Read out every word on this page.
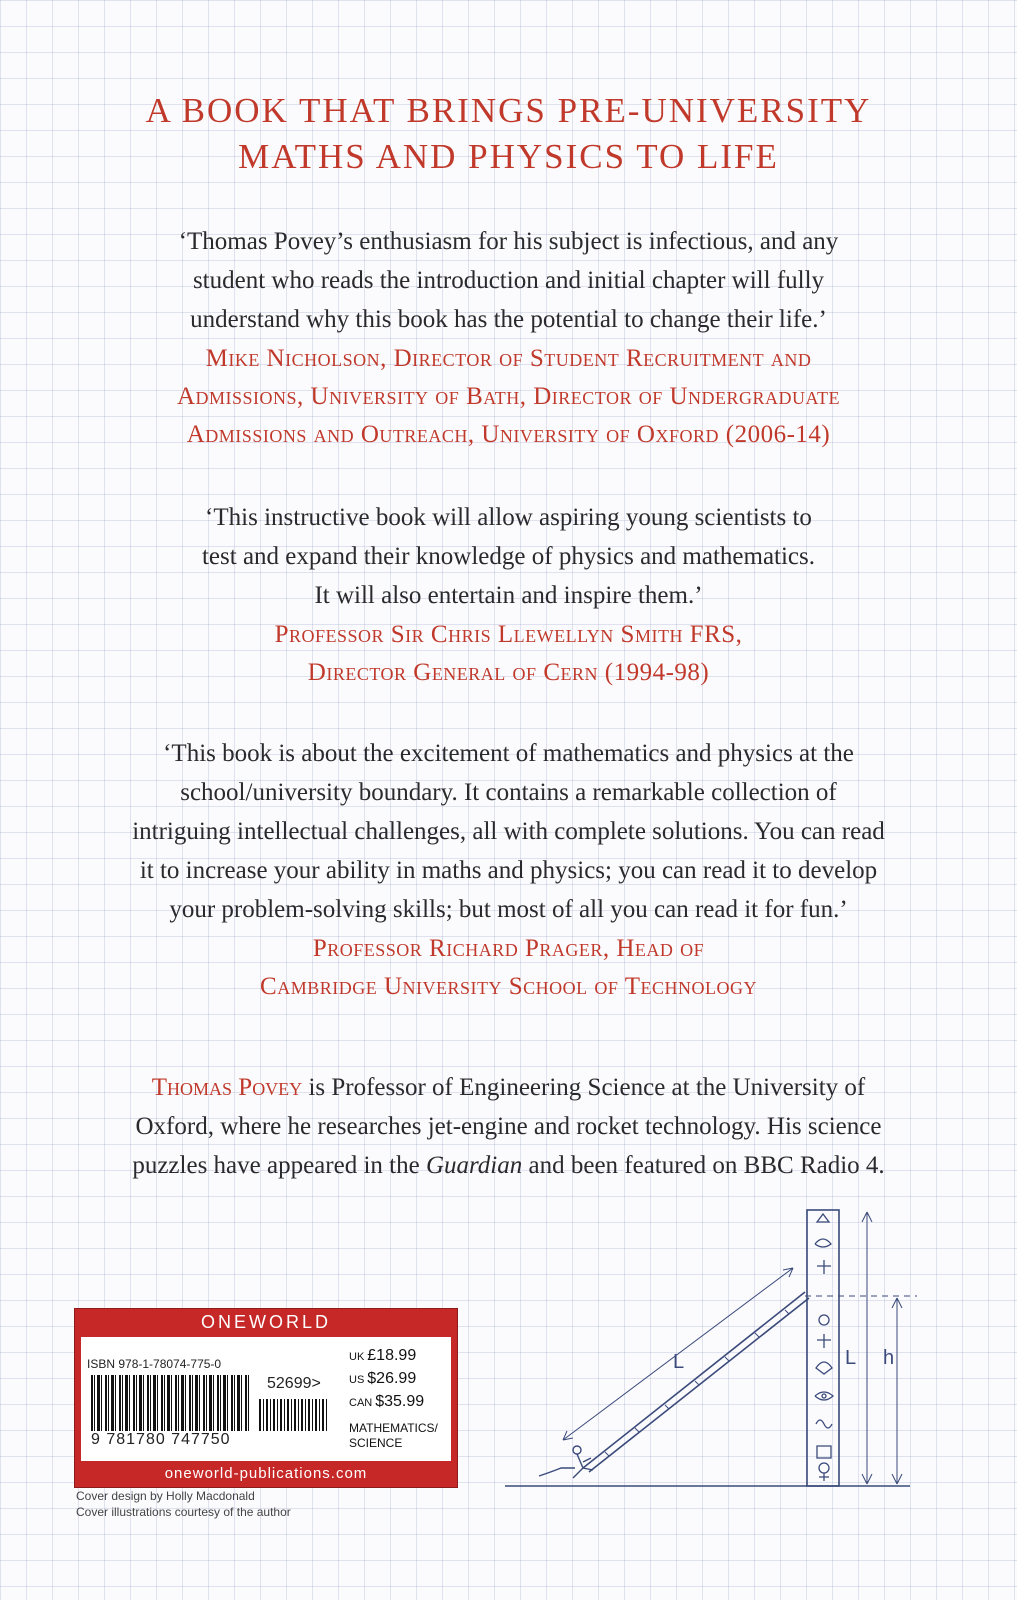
A BOOK THAT BRINGS PRE-UNIVERSITY
MATHS AND PHYSICS TO LIFE
‘Thomas Povey’s enthusiasm for his subject is infectious, and any
student who reads the introduction and initial chapter will fully
understand why this book has the potential to change their life.’
Mike Nicholson, Director of Student Recruitment and
Admissions, University of Bath, Director of Undergraduate
Admissions and Outreach, University of Oxford (2006-14)
‘This instructive book will allow aspiring young scientists to
test and expand their knowledge of physics and mathematics.
It will also entertain and inspire them.’
Professor Sir Chris Llewellyn Smith FRS,
Director General of Cern (1994-98)
‘This book is about the excitement of mathematics and physics at the
school/university boundary. It contains a remarkable collection of
intriguing intellectual challenges, all with complete solutions. You can read
it to increase your ability in maths and physics; you can read it to develop
your problem-solving skills; but most of all you can read it for fun.’
Professor Richard Prager, Head of
Cambridge University School of Technology
Thomas Povey is Professor of Engineering Science at the University of
Oxford, where he researches jet-engine and rocket technology. His science
puzzles have appeared in the Guardian and been featured on BBC Radio 4.
ONEWORLD
ISBN 978-1-78074-775-0
52699>
9 781780 747750
UK £18.99
US $26.99
CAN $35.99
MATHEMATICS/
SCIENCE
oneworld-publications.com
Cover design by Holly Macdonald
Cover illustrations courtesy of the author
L	L h
